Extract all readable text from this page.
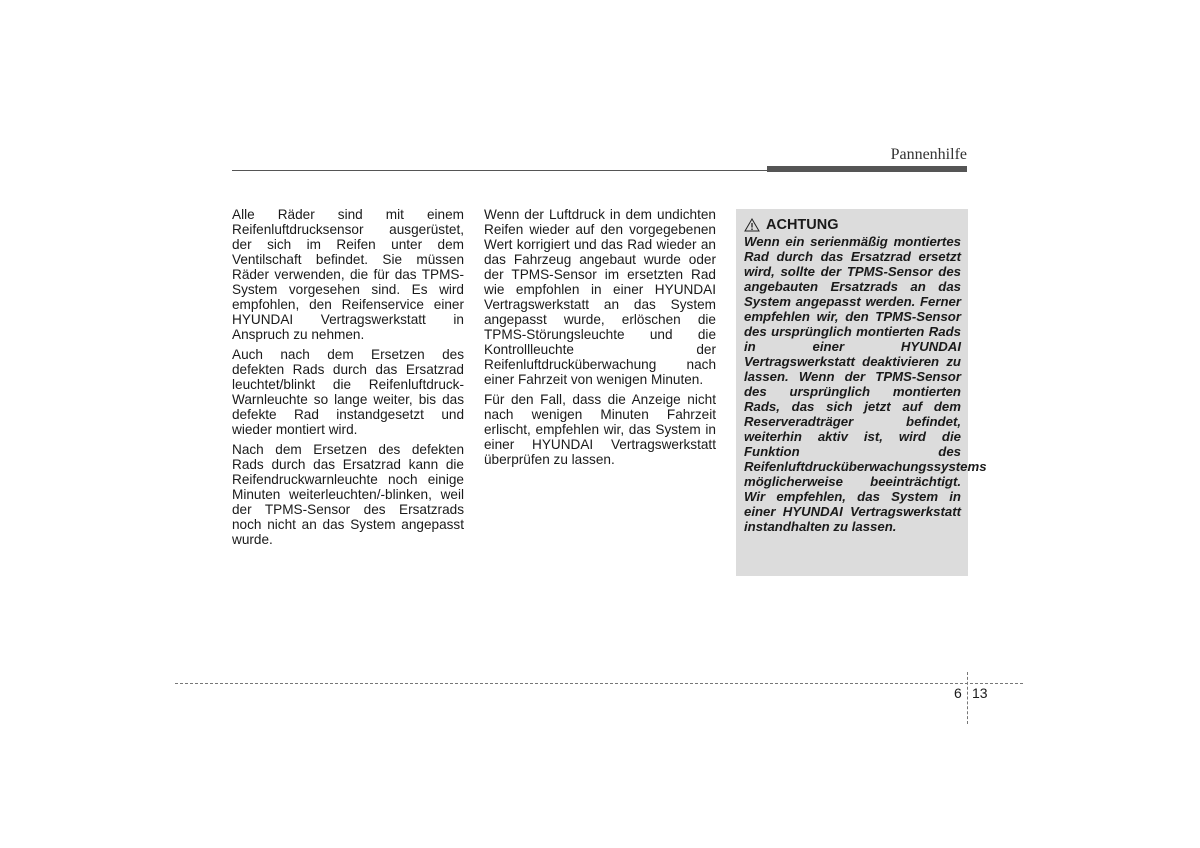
Pannenhilfe

Alle Räder sind mit einem Reifenluftdrucksensor ausgerüstet, der sich im Reifen unter dem Ventilschaft befindet. Sie müssen Räder verwenden, die für das TPMS-System vorgesehen sind. Es wird empfohlen, den Reifenservice einer HYUNDAI Vertragswerkstatt in Anspruch zu nehmen.

Auch nach dem Ersetzen des defekten Rads durch das Ersatzrad leuchtet/blinkt die Reifenluftdruck-Warnleuchte so lange weiter, bis das defekte Rad instandgesetzt und wieder montiert wird.

Nach dem Ersetzen des defekten Rads durch das Ersatzrad kann die Reifendruckwarnleuchte noch einige Minuten weiterleuchten/-blinken, weil der TPMS-Sensor des Ersatzrads noch nicht an das System angepasst wurde.

Wenn der Luftdruck in dem undichten Reifen wieder auf den vorgegebenen Wert korrigiert und das Rad wieder an das Fahrzeug angebaut wurde oder der TPMS-Sensor im ersetzten Rad wie empfohlen in einer HYUNDAI Vertragswerkstatt an das System angepasst wurde, erlöschen die TPMS-Störungsleuchte und die Kontrollleuchte der Reifenluftdrucküberwachung nach einer Fahrzeit von wenigen Minuten.

Für den Fall, dass die Anzeige nicht nach wenigen Minuten Fahrzeit erlischt, empfehlen wir, das System in einer HYUNDAI Vertragswerkstatt überprüfen zu lassen.

ACHTUNG
Wenn ein serienmäßig montiertes Rad durch das Ersatzrad ersetzt wird, sollte der TPMS-Sensor des angebauten Ersatzrads an das System angepasst werden. Ferner empfehlen wir, den TPMS-Sensor des ursprünglich montierten Rads in einer HYUNDAI Vertragswerkstatt deaktivieren zu lassen. Wenn der TPMS-Sensor des ursprünglich montierten Rads, das sich jetzt auf dem Reserveradträger befindet, weiterhin aktiv ist, wird die Funktion des Reifenluftdrucküberwachungssystems möglicherweise beeinträchtigt. Wir empfehlen, das System in einer HYUNDAI Vertragswerkstatt instandhalten zu lassen.
6 13
